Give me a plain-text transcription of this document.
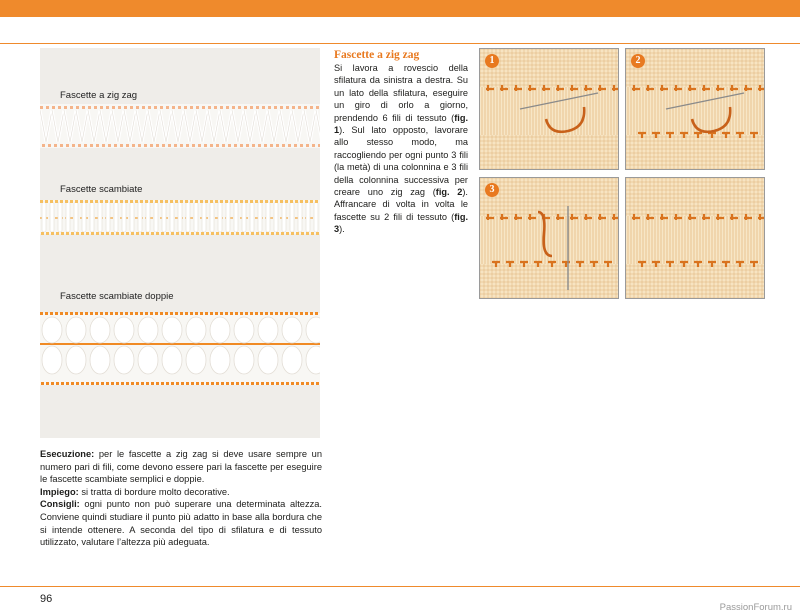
Fascette a zig zag
Fascette scambiate
Fascette scambiate doppie

Esecuzione: per le fascette a zig zag si deve usare sempre un numero pari di fili, come devono essere pari la fascette per eseguire le fascette scambiate semplici e doppie.

Impiego: si tratta di bordure molto decorative.

Consigli: ogni punto non può superare una determinata altezza. Conviene quindi studiare il punto più adatto in base alla bordura che si intende ottenere. A seconda del tipo di sfilatura e di tessuto utilizzato, valutare l’altezza più adeguata.

Fascette a zig zag
Si lavora a rovescio della sfilatura da sinistra a destra. Su un lato della sfilatura, eseguire un giro di orlo a giorno, prendendo 6 fili di tessuto (fig. 1). Sul lato opposto, lavorare allo stesso modo, ma raccogliendo per ogni punto 3 fili (la metà) di una colonnina e 3 fili della colonnina successiva per creare uno zig zag (fig. 2). Affrancare di volta in volta le fascette su 2 fili di tessuto (fig. 3).
1	2
3
96
PassionForum.ru
